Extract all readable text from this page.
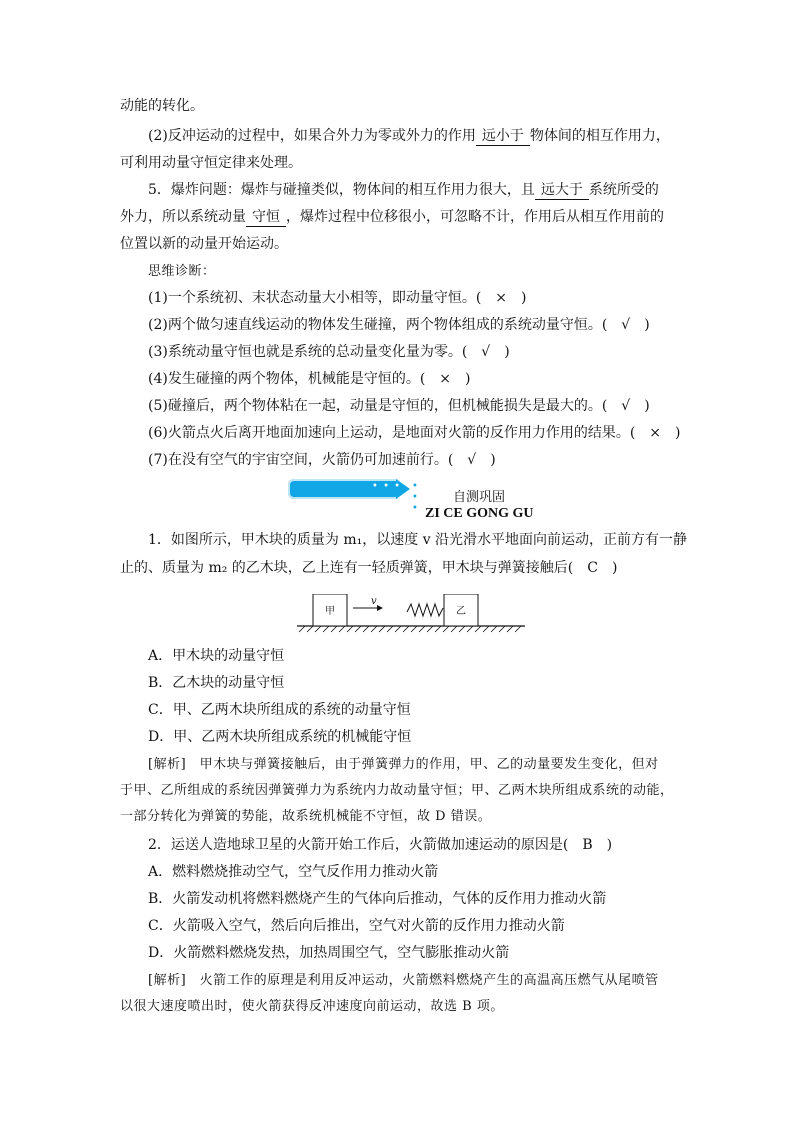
动能的转化。
(2)反冲运动的过程中，如果合外力为零或外力的作用 远小于 物体间的相互作用力，
可利用动量守恒定律来处理。
5．爆炸问题：爆炸与碰撞类似，物体间的相互作用力很大，且 远大于 系统所受的
外力，所以系统动量 守恒 ，爆炸过程中位移很小，可忽略不计，作用后从相互作用前的
位置以新的动量开始运动。
思维诊断：
(1)一个系统初、末状态动量大小相等，即动量守恒。(　×　)
(2)两个做匀速直线运动的物体发生碰撞，两个物体组成的系统动量守恒。(　√　)
(3)系统动量守恒也就是系统的总动量变化量为零。(　√　)
(4)发生碰撞的两个物体，机械能是守恒的。(　×　)
(5)碰撞后，两个物体粘在一起，动量是守恒的，但机械能损失是最大的。(　√　)
(6)火箭点火后离开地面加速向上运动，是地面对火箭的反作用力作用的结果。(　×　)
(7)在没有空气的宇宙空间，火箭仍可加速前行。(　√　)
• • • • • •
自测巩固
ZI CE GONG GU
1．如图所示，甲木块的质量为 m₁，以速度 v 沿光滑水平地面向前运动，正前方有一静
止的、质量为 m₂ 的乙木块，乙上连有一轻质弹簧，甲木块与弹簧接触后(　C　)
甲
v
乙
A．甲木块的动量守恒
B．乙木块的动量守恒
C．甲、乙两木块所组成的系统的动量守恒
D．甲、乙两木块所组成系统的机械能守恒
[解析]　甲木块与弹簧接触后，由于弹簧弹力的作用，甲、乙的动量要发生变化，但对
于甲、乙所组成的系统因弹簧弹力为系统内力故动量守恒；甲、乙两木块所组成系统的动能，
一部分转化为弹簧的势能，故系统机械能不守恒，故 D 错误。
2．运送人造地球卫星的火箭开始工作后，火箭做加速运动的原因是(　B　)
A．燃料燃烧推动空气，空气反作用力推动火箭
B．火箭发动机将燃料燃烧产生的气体向后推动，气体的反作用力推动火箭
C．火箭吸入空气，然后向后推出，空气对火箭的反作用力推动火箭
D．火箭燃料燃烧发热，加热周围空气，空气膨胀推动火箭
[解析]　火箭工作的原理是利用反冲运动，火箭燃料燃烧产生的高温高压燃气从尾喷管
以很大速度喷出时，使火箭获得反冲速度向前运动，故选 B 项。
